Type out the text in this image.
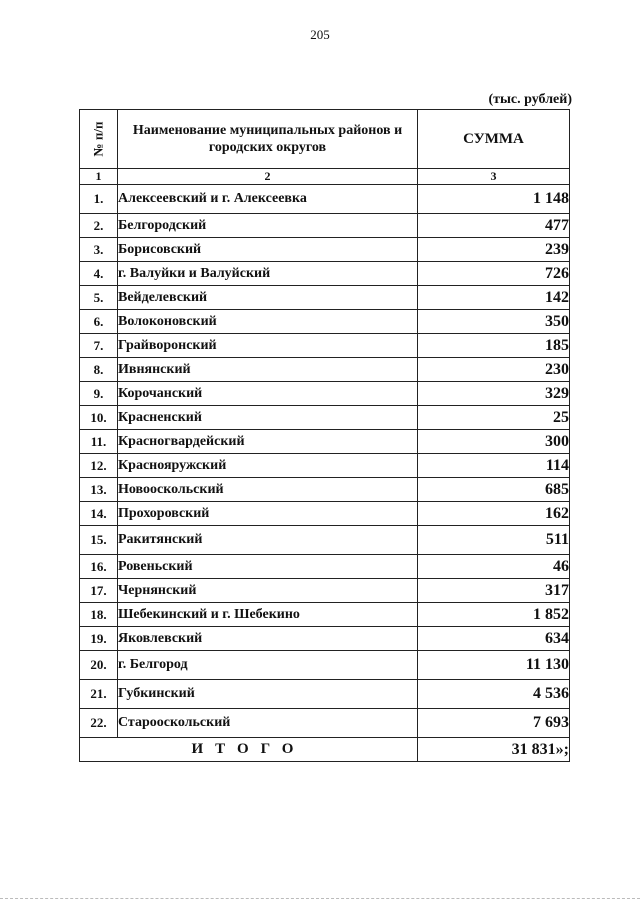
205
(тыс. рублей)
№ п/п	Наименование муниципальных районов и городских округов	СУММА
1	2	3
1.	Алексеевский и г. Алексеевка	1 148
2.	Белгородский	477
3.	Борисовский	239
4.	г. Валуйки и Валуйский	726
5.	Вейделевский	142
6.	Волоконовский	350
7.	Грайворонский	185
8.	Ивнянский	230
9.	Корочанский	329
10.	Красненский	25
11.	Красногвардейский	300
12.	Краснояружский	114
13.	Новооскольский	685
14.	Прохоровский	162
15.	Ракитянский	511
16.	Ровеньский	46
17.	Чернянский	317
18.	Шебекинский и г. Шебекино	1 852
19.	Яковлевский	634
20.	г. Белгород	11 130
21.	Губкинский	4 536
22.	Старооскольский	7 693
ИТОГО		31 831»;
